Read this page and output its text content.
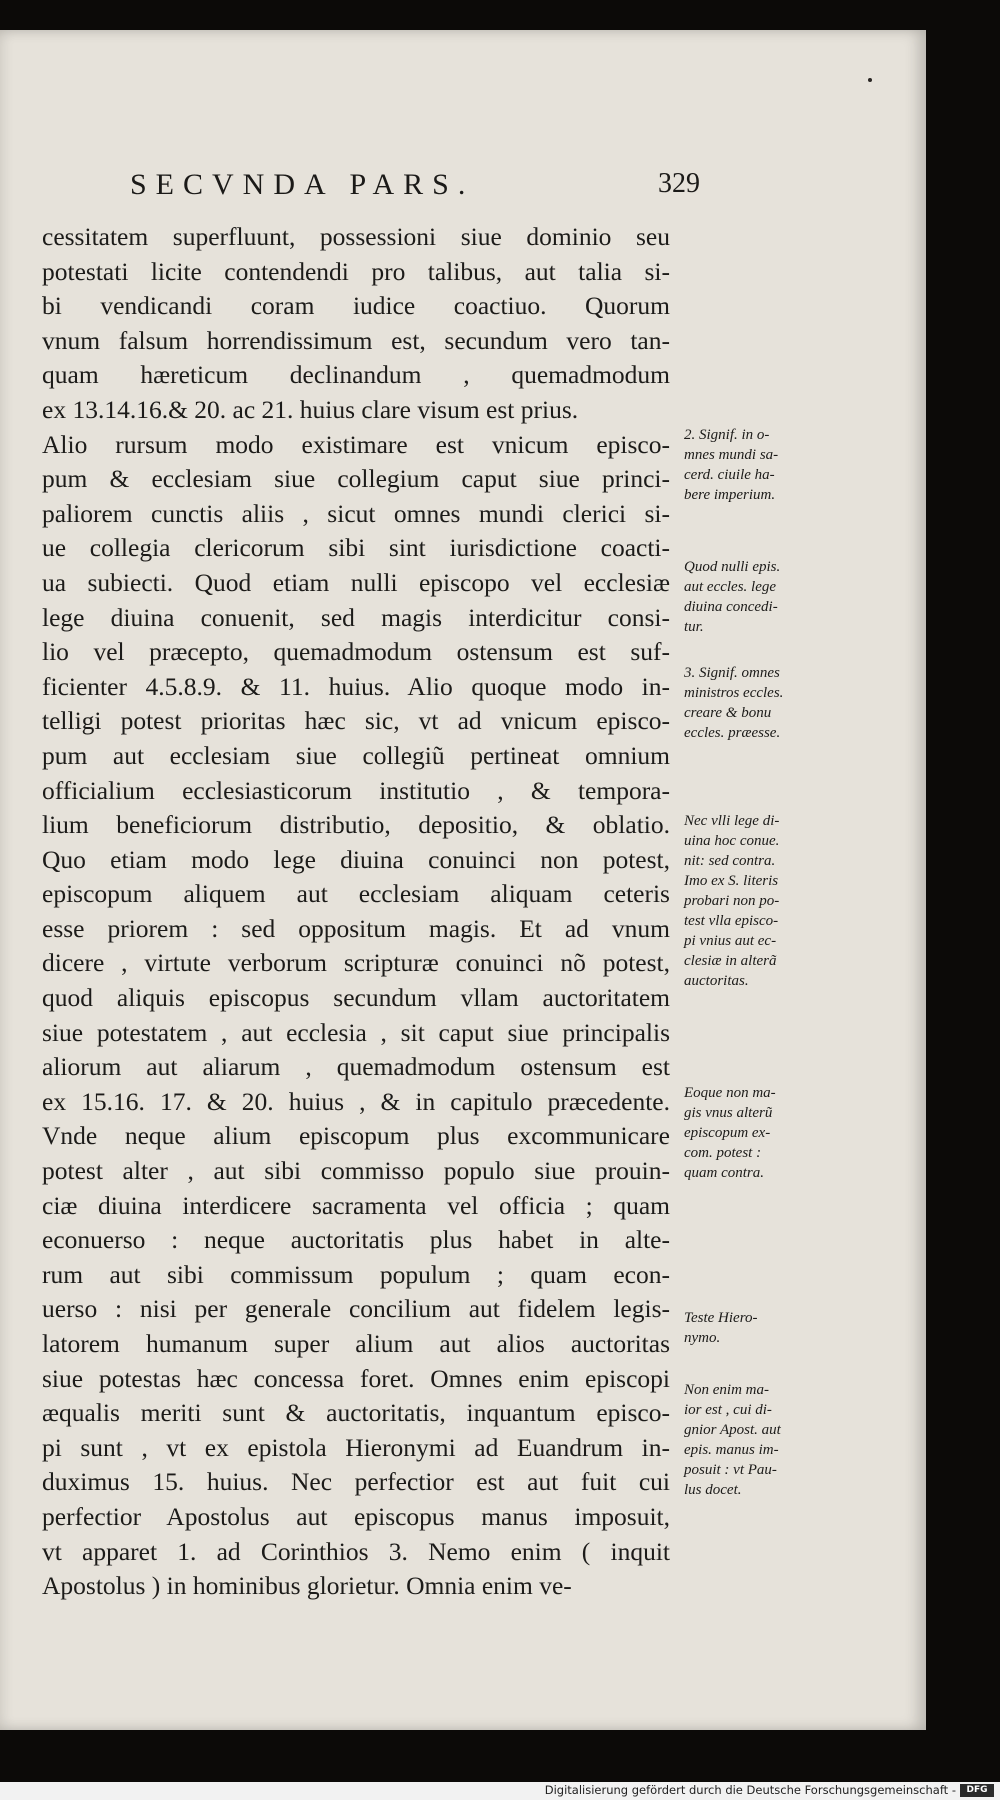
SECVNDA PARS.	329
cessitatem superfluunt, possessioni siue dominio seu
potestati licite contendendi pro talibus, aut talia si-
bi vendicandi coram iudice coactiuo. Quorum
vnum falsum horrendissimum est, secundum vero tan-
quam hæreticum declinandum , quemadmodum
ex 13.14.16.& 20. ac 21. huius clare visum est prius.
Alio rursum modo existimare est vnicum episco-
pum & ecclesiam siue collegium caput siue princi-
paliorem cunctis aliis , sicut omnes mundi clerici si-
ue collegia clericorum sibi sint iurisdictione coacti-
ua subiecti. Quod etiam nulli episcopo vel ecclesiæ
lege diuina conuenit, sed magis interdicitur consi-
lio vel præcepto, quemadmodum ostensum est suf-
ficienter 4.5.8.9. & 11. huius. Alio quoque modo in-
telligi potest prioritas hæc sic, vt ad vnicum episco-
pum aut ecclesiam siue collegiũ pertineat omnium
officialium ecclesiasticorum institutio , & tempora-
lium beneficiorum distributio, depositio, & oblatio.
Quo etiam modo lege diuina conuinci non potest,
episcopum aliquem aut ecclesiam aliquam ceteris
esse priorem : sed oppositum magis. Et ad vnum
dicere , virtute verborum scripturæ conuinci nõ potest,
quod aliquis episcopus secundum vllam auctoritatem
siue potestatem , aut ecclesia , sit caput siue principalis
aliorum aut aliarum , quemadmodum ostensum est
ex 15.16. 17. & 20. huius , & in capitulo præcedente.
Vnde neque alium episcopum plus excommunicare
potest alter , aut sibi commisso populo siue prouin-
ciæ diuina interdicere sacramenta vel officia ; quam
econuerso : neque auctoritatis plus habet in alte-
rum aut sibi commissum populum ; quam econ-
uerso : nisi per generale concilium aut fidelem legis-
latorem humanum super alium aut alios auctoritas
siue potestas hæc concessa foret. Omnes enim episcopi
æqualis meriti sunt & auctoritatis, inquantum episco-
pi sunt , vt ex epistola Hieronymi ad Euandrum in-
duximus 15. huius. Nec perfectior est aut fuit cui
perfectior Apostolus aut episcopus manus imposuit,
vt apparet 1. ad Corinthios 3. Nemo enim ( inquit
Apostolus ) in hominibus glorietur. Omnia enim ve-
2. Signif. in o-
mnes mundi sa-
cerd. ciuile ha-
bere imperium.
Quod nulli epis.
aut eccles. lege
diuina concedi-
tur.
3. Signif. omnes
ministros eccles.
creare & bonu
eccles. præesse.
Nec vlli lege di-
uina hoc conue.
nit: sed contra.
Imo ex S. literis
probari non po-
test vlla episco-
pi vnius aut ec-
clesiæ in alterã
auctoritas.
Eoque non ma-
gis vnus alterũ
episcopum ex-
com. potest :
quam contra.
Teste Hiero-
nymo.
Non enim ma-
ior est , cui di-
gnior Apost. aut
epis. manus im-
posuit : vt Pau-
lus docet.
Digitalisierung gefördert durch die Deutsche Forschungsgemeinschaft -	DFG
